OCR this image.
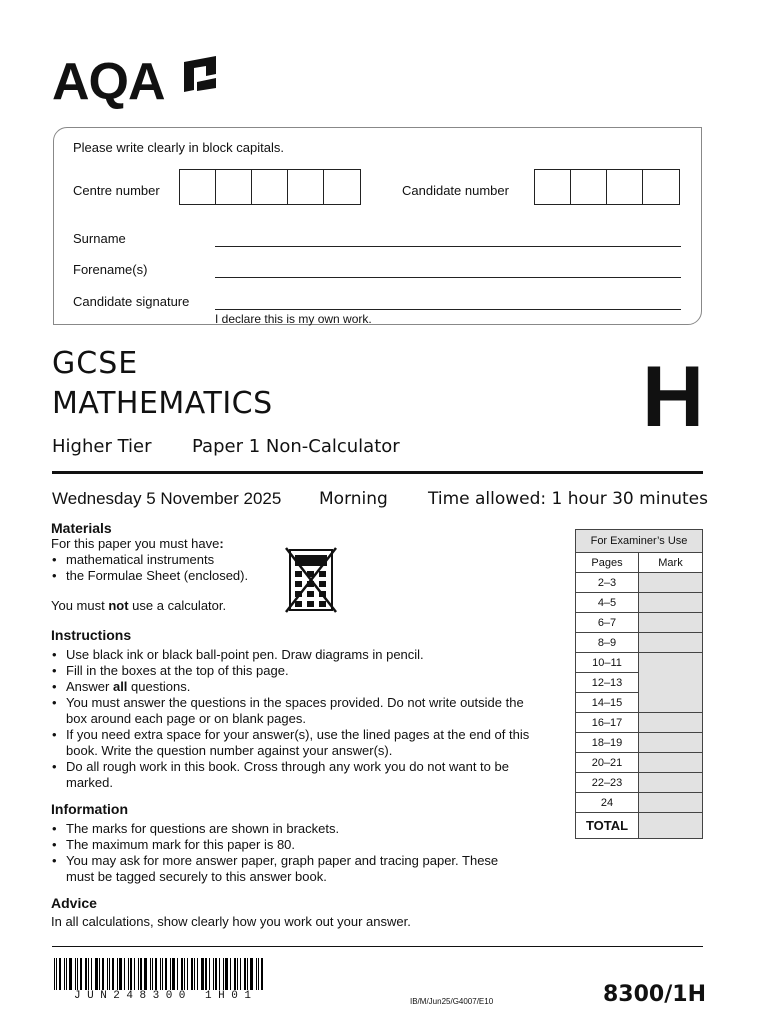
AQA
Please write clearly in block capitals.
Centre number	Candidate number
Surname
Forename(s)
Candidate signature
I declare this is my own work.
GCSE
MATHEMATICS
Higher Tier Paper 1 Non-Calculator
H
Wednesday 5 November 2025 Morning Time allowed: 1 hour 30 minutes
Materials
For this paper you must have:
• mathematical instruments
• the Formulae Sheet (enclosed).
You must not use a calculator.
Instructions
• Use black ink or black ball-point pen. Draw diagrams in pencil.
• Fill in the boxes at the top of this page.
• Answer all questions.
• You must answer the questions in the spaces provided. Do not write outside the box around each page or on blank pages.
• If you need extra space for your answer(s), use the lined pages at the end of this book. Write the question number against your answer(s).
• Do all rough work in this book. Cross through any work you do not want to be marked.
Information
• The marks for questions are shown in brackets.
• The maximum mark for this paper is 80.
• You may ask for more answer paper, graph paper and tracing paper. These must be tagged securely to this answer book.
Advice
In all calculations, show clearly how you work out your answer.
For Examiner’s Use	
Pages	Mark
2–3	
4–5	
6–7	
8–9	
10–11	
12–13	
14–15	
16–17	
18–19	
20–21	
22–23	
24	
TOTAL	
JUN248300 1H01	IB/M/Jun25/G4007/E10	8300/1H
